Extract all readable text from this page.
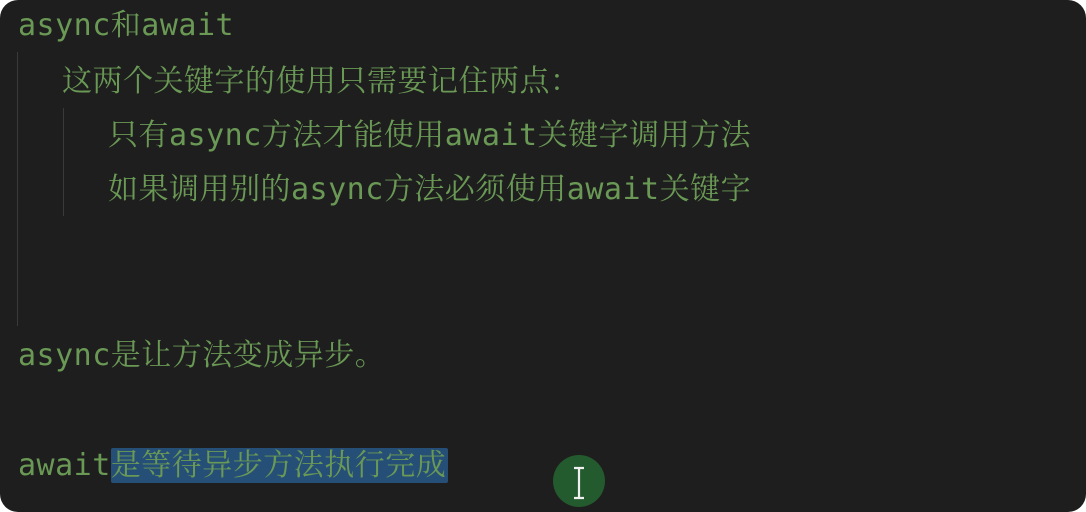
async和await
这两个关键字的使用只需要记住两点：
只有async方法才能使用await关键字调用方法
如果调用别的async方法必须使用await关键字
async是让方法变成异步。
await是等待异步方法执行完成
